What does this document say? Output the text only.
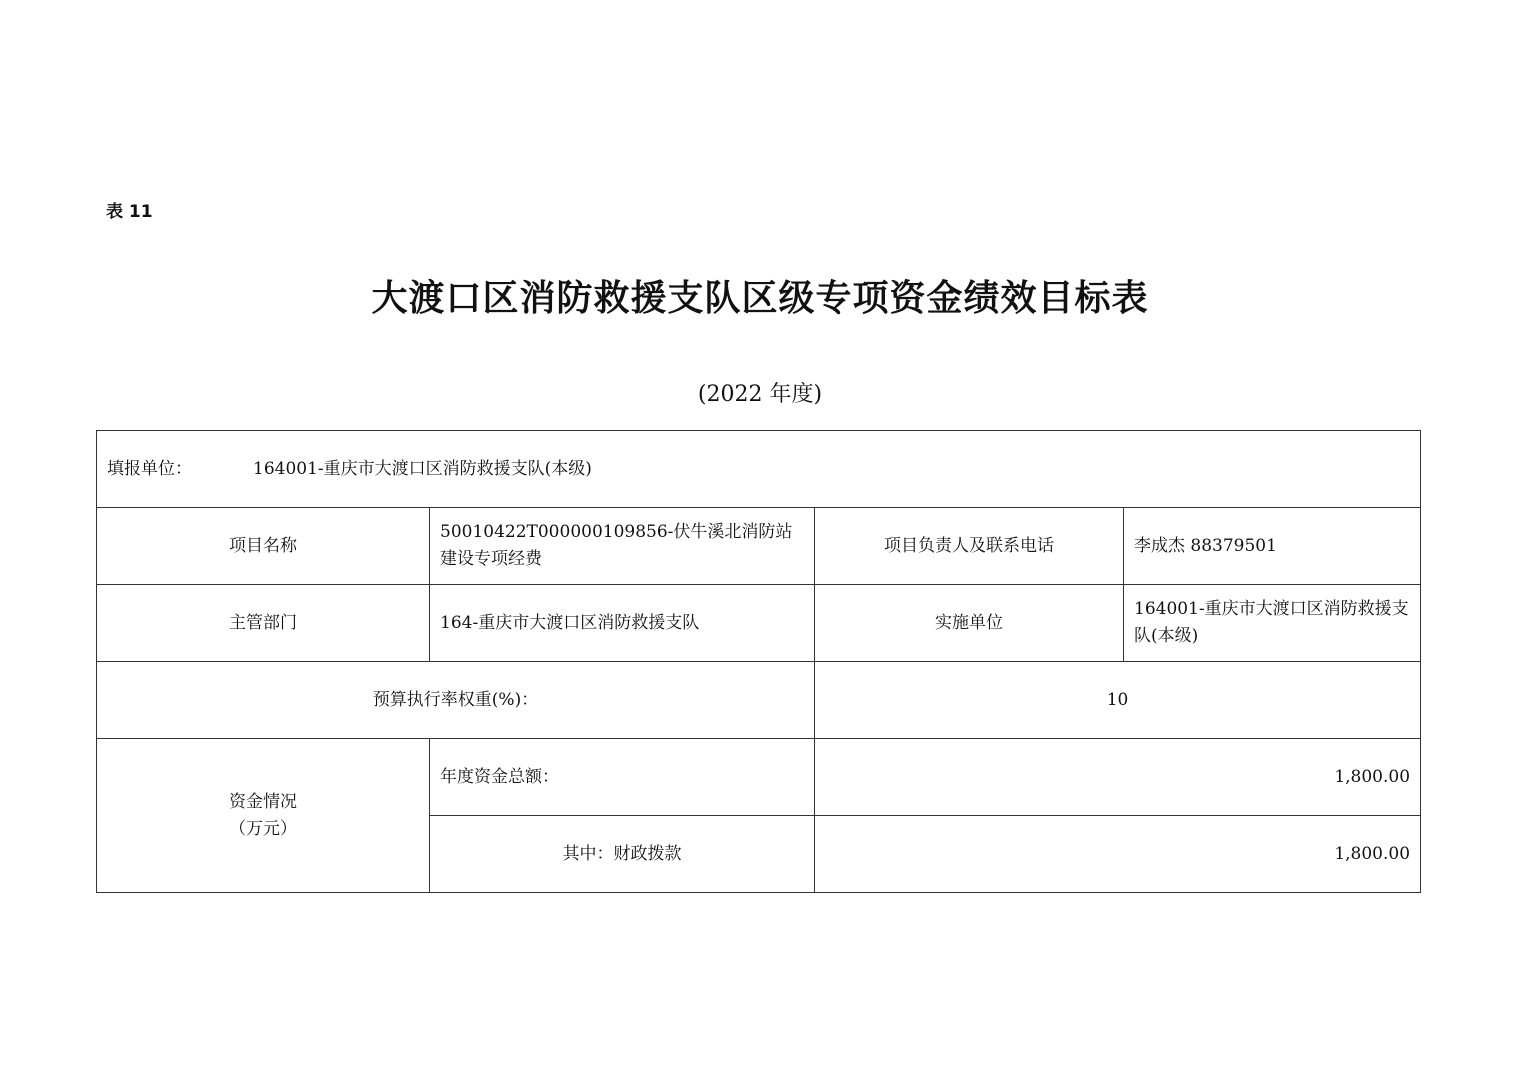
表 11
大渡口区消防救援支队区级专项资金绩效目标表
(2022 年度)
填报单位： 164001-重庆市大渡口区消防救援支队(本级)			
项目名称	50010422T000000109856-伏牛溪北消防站建设专项经费	项目负责人及联系电话	李成杰 88379501
主管部门	164-重庆市大渡口区消防救援支队	实施单位	164001-重庆市大渡口区消防救援支队(本级)
预算执行率权重(%)：		10	

资金情况
（万元）	年度资金总额：	1,800.00	
	其中：财政拨款	1,800.00	
